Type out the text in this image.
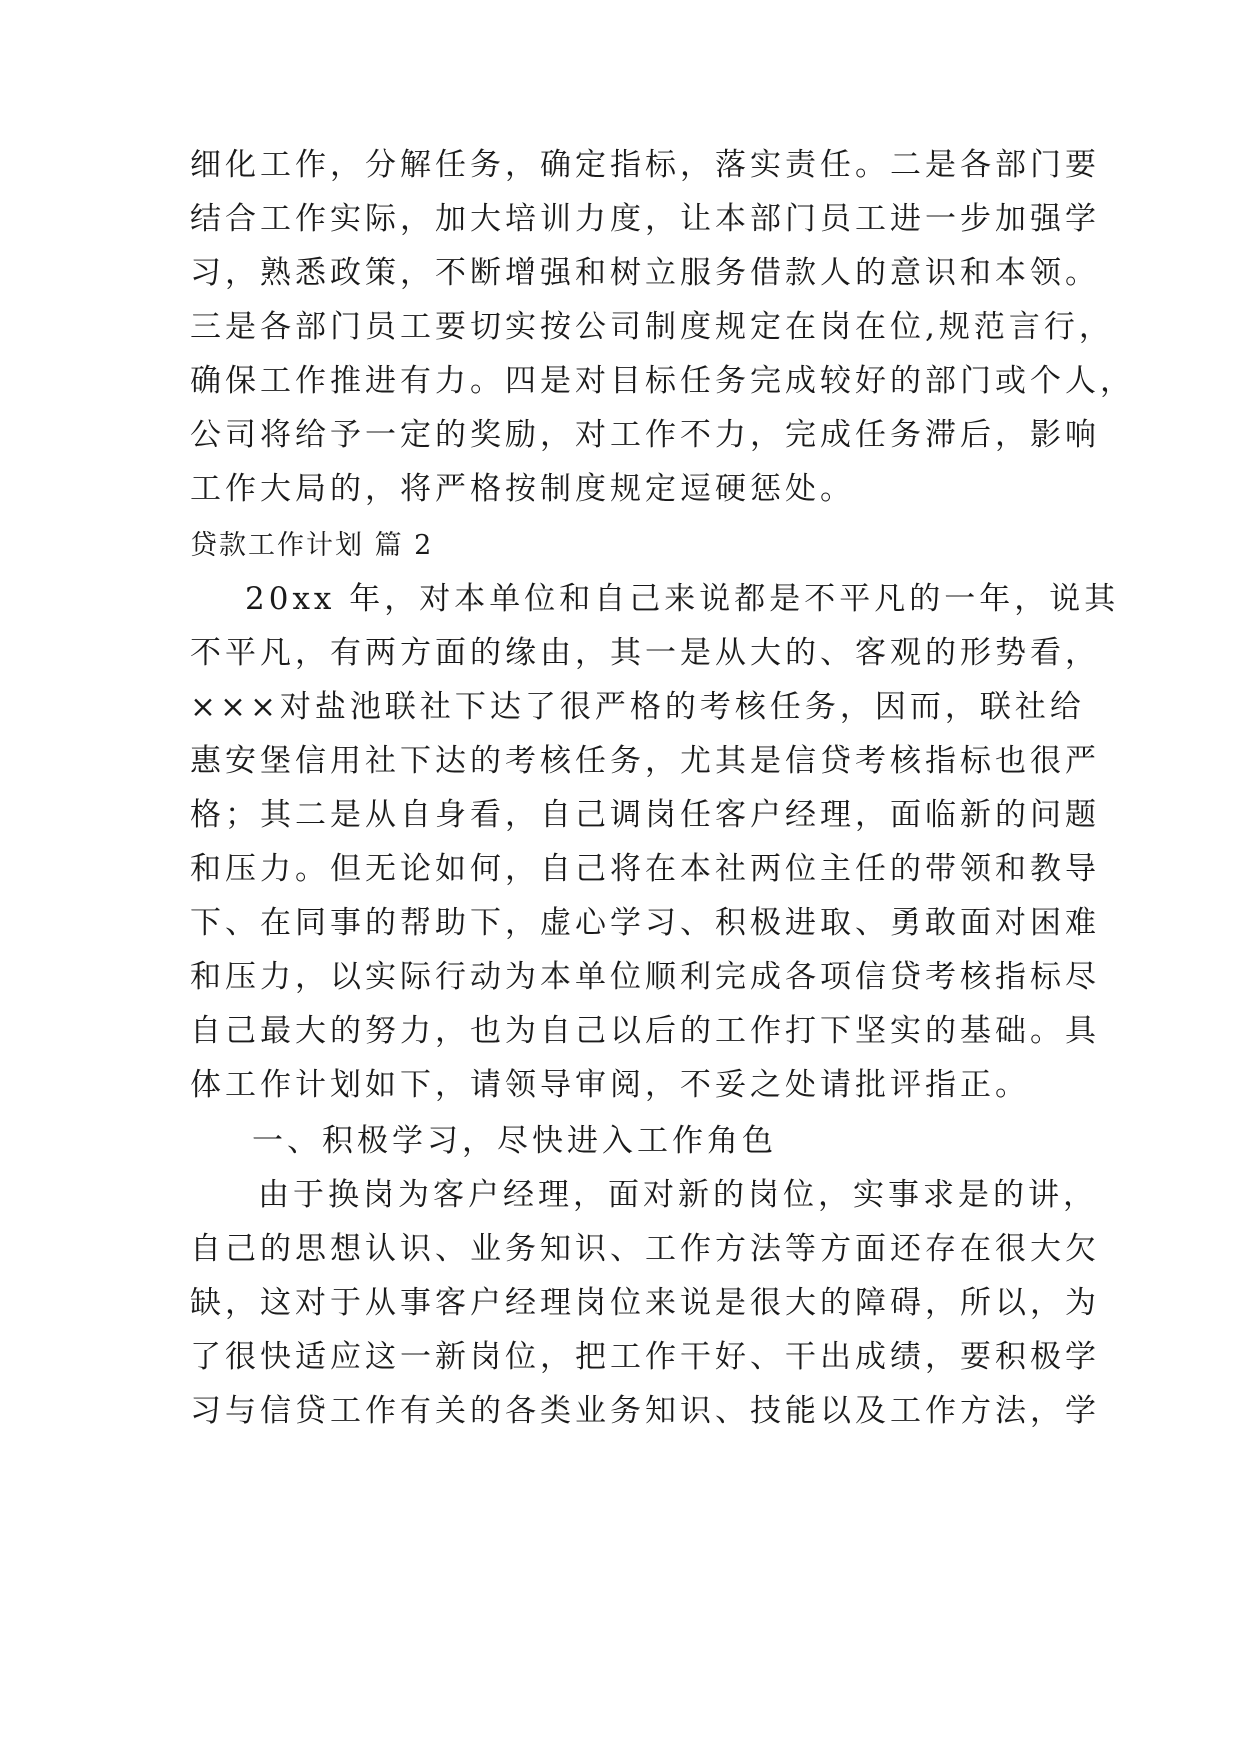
细化工作，分解任务，确定指标，落实责任。二是各部门要
结合工作实际，加大培训力度，让本部门员工进一步加强学
习，熟悉政策，不断增强和树立服务借款人的意识和本领。
三是各部门员工要切实按公司制度规定在岗在位,规范言行，
确保工作推进有力。四是对目标任务完成较好的部门或个人，
公司将给予一定的奖励，对工作不力，完成任务滞后，影响
工作大局的，将严格按制度规定逗硬惩处。
贷款工作计划 篇 2
20xx 年，对本单位和自己来说都是不平凡的一年，说其
不平凡，有两方面的缘由，其一是从大的、客观的形势看，
×××对盐池联社下达了很严格的考核任务，因而，联社给
惠安堡信用社下达的考核任务，尤其是信贷考核指标也很严
格；其二是从自身看，自己调岗任客户经理，面临新的问题
和压力。但无论如何，自己将在本社两位主任的带领和教导
下、在同事的帮助下，虚心学习、积极进取、勇敢面对困难
和压力，以实际行动为本单位顺利完成各项信贷考核指标尽
自己最大的努力，也为自己以后的工作打下坚实的基础。具
体工作计划如下，请领导审阅，不妥之处请批评指正。
一、积极学习，尽快进入工作角色
由于换岗为客户经理，面对新的岗位，实事求是的讲，
自己的思想认识、业务知识、工作方法等方面还存在很大欠
缺，这对于从事客户经理岗位来说是很大的障碍，所以，为
了很快适应这一新岗位，把工作干好、干出成绩，要积极学
习与信贷工作有关的各类业务知识、技能以及工作方法，学
